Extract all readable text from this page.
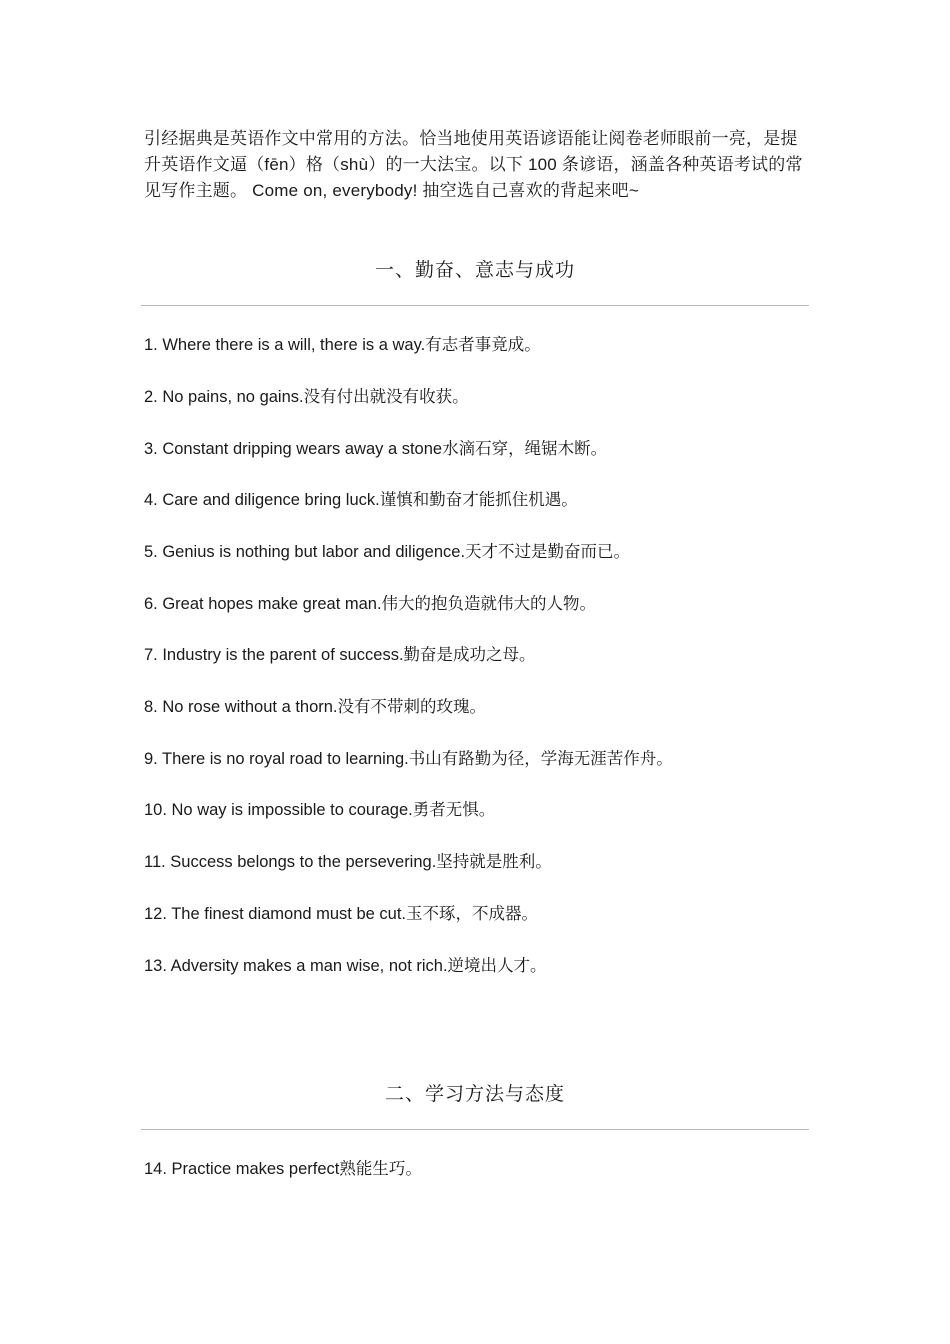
引经据典是英语作文中常用的方法。恰当地使用英语谚语能让阅卷老师眼前一亮，是提升英语作文逼（fēn）格（shù）的一大法宝。以下 100 条谚语，涵盖各种英语考试的常见写作主题。 Come on, everybody! 抽空选自己喜欢的背起来吧~

一、勤奋、意志与成功

1. Where there is a will, there is a way.有志者事竟成。

2. No pains, no gains.没有付出就没有收获。

3. Constant dripping wears away a stone水滴石穿，绳锯木断。

4. Care and diligence bring luck.谨慎和勤奋才能抓住机遇。

5. Genius is nothing but labor and diligence.天才不过是勤奋而已。

6. Great hopes make great man.伟大的抱负造就伟大的人物。

7. Industry is the parent of success.勤奋是成功之母。

8. No rose without a thorn.没有不带刺的玫瑰。

9. There is no royal road to learning.书山有路勤为径，学海无涯苦作舟。

10. No way is impossible to courage.勇者无惧。

11. Success belongs to the persevering.坚持就是胜利。

12. The finest diamond must be cut.玉不琢，不成器。

13. Adversity makes a man wise, not rich.逆境出人才。

二、学习方法与态度

14. Practice makes perfect熟能生巧。
